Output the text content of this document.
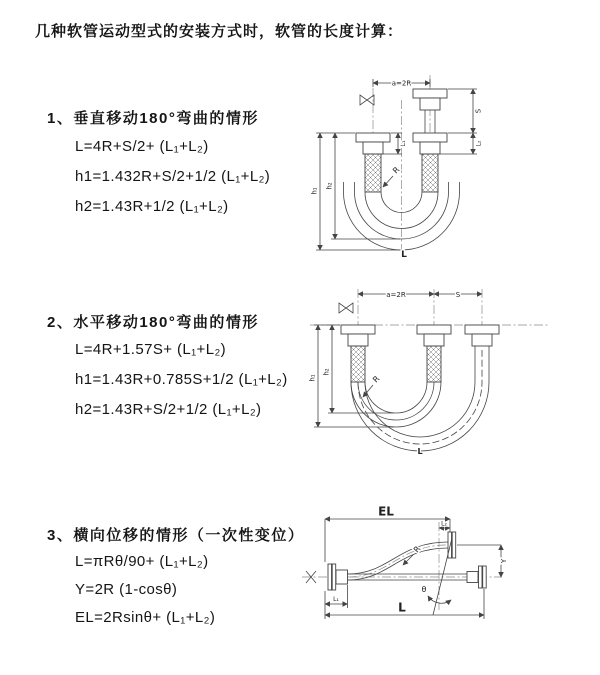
几种软管运动型式的安装方式时，软管的长度计算：
1、垂直移动180°弯曲的情形
L=4R+S/2+ (L₁+L₂)
h1=1.432R+S/2+1/2 (L₁+L₂)
h2=1.43R+1/2 (L₁+L₂)
2、水平移动180°弯曲的情形
L=4R+1.57S+ (L₁+L₂)
h1=1.43R+0.785S+1/2 (L₁+L₂)
h2=1.43R+S/2+1/2 (L₁+L₂)
3、横向位移的情形（一次性变位）
L=πRθ/90+ (L₁+L₂)
Y=2R (1-cosθ)
EL=2Rsinθ+ (L₁+L₂)
a=2R
S
L₂
L₁
h₁
h₂
R
L
a=2R	S
h₁
h₂
R
L
EL
L₂
Y
R
θ
L
L₁
